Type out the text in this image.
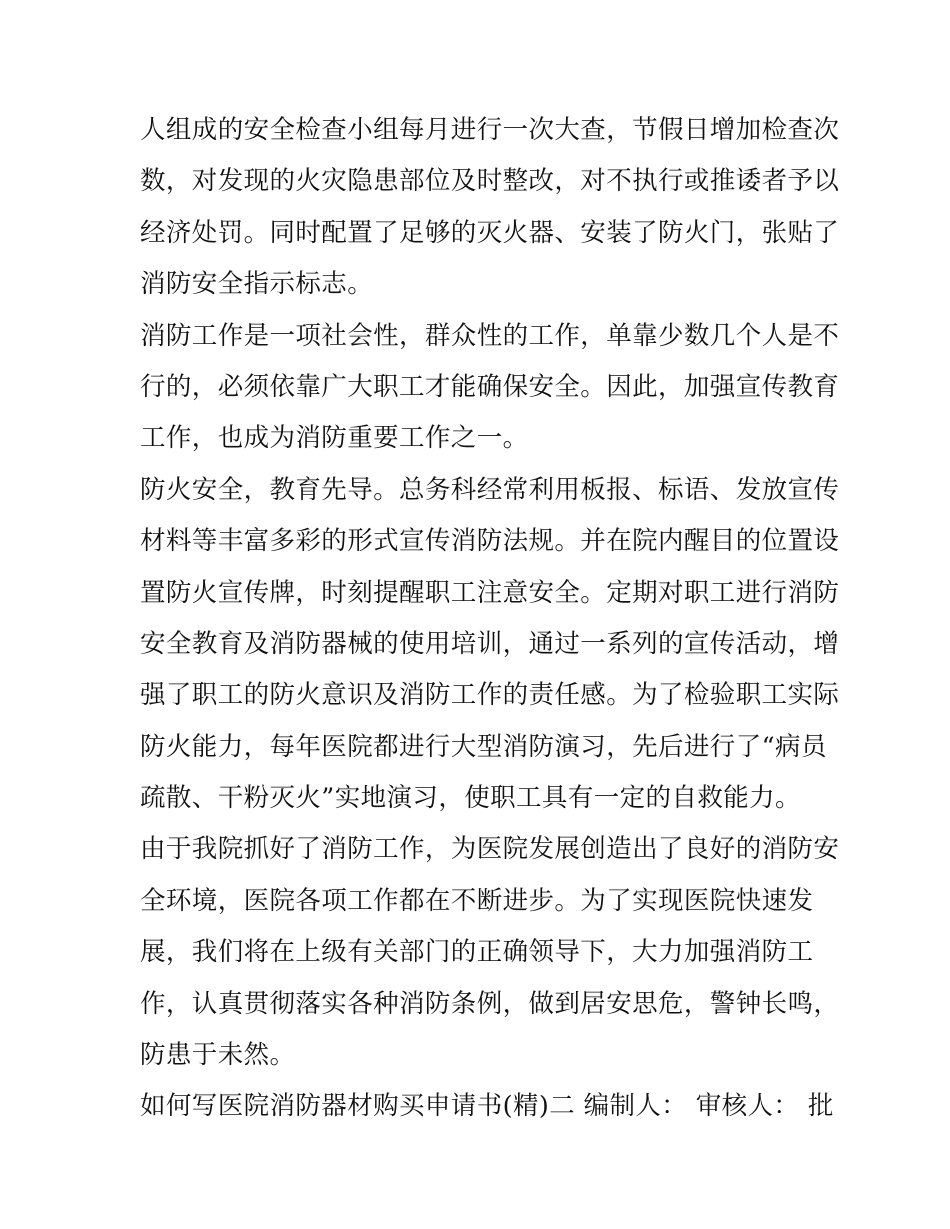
人组成的安全检查小组每月进行一次大查，节假日增加检查次
数，对发现的火灾隐患部位及时整改，对不执行或推诿者予以
经济处罚。同时配置了足够的灭火器、安装了防火门，张贴了
消防安全指示标志。
消防工作是一项社会性，群众性的工作，单靠少数几个人是不
行的，必须依靠广大职工才能确保安全。因此，加强宣传教育
工作，也成为消防重要工作之一。
防火安全，教育先导。总务科经常利用板报、标语、发放宣传
材料等丰富多彩的形式宣传消防法规。并在院内醒目的位置设
置防火宣传牌，时刻提醒职工注意安全。定期对职工进行消防
安全教育及消防器械的使用培训，通过一系列的宣传活动，增
强了职工的防火意识及消防工作的责任感。为了检验职工实际
防火能力，每年医院都进行大型消防演习，先后进行了“病员
疏散、干粉灭火”实地演习，使职工具有一定的自救能力。
由于我院抓好了消防工作，为医院发展创造出了良好的消防安
全环境，医院各项工作都在不断进步。为了实现医院快速发
展，我们将在上级有关部门的正确领导下，大力加强消防工
作，认真贯彻落实各种消防条例，做到居安思危，警钟长鸣，
防患于未然。
如何写医院消防器材购买申请书(精)二 编制人： 审核人： 批
